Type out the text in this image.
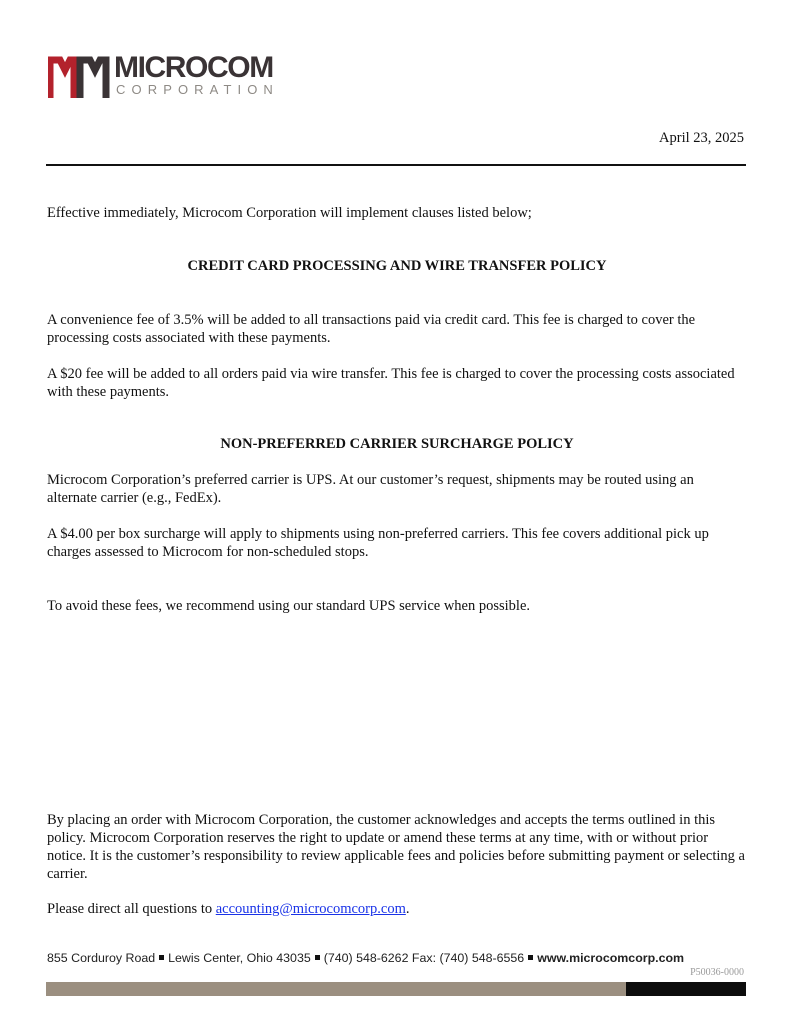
MICROCOM
CORPORATION
April 23, 2025
Effective immediately, Microcom Corporation will implement clauses listed below;
CREDIT CARD PROCESSING AND WIRE TRANSFER POLICY
A convenience fee of 3.5% will be added to all transactions paid via credit card. This fee is charged to cover the processing costs associated with these payments.
A $20 fee will be added to all orders paid via wire transfer. This fee is charged to cover the processing costs associated with these payments.
NON-PREFERRED CARRIER SURCHARGE POLICY
Microcom Corporation’s preferred carrier is UPS. At our customer’s request, shipments may be routed using an alternate carrier (e.g., FedEx).
A $4.00 per box surcharge will apply to shipments using non-preferred carriers. This fee covers additional pick up charges assessed to Microcom for non-scheduled stops.
To avoid these fees, we recommend using our standard UPS service when possible.
By placing an order with Microcom Corporation, the customer acknowledges and accepts the terms outlined in this policy. Microcom Corporation reserves the right to update or amend these terms at any time, with or without prior notice. It is the customer’s responsibility to review applicable fees and policies before submitting payment or selecting a carrier.
Please direct all questions to accounting@microcomcorp.com.
855 Corduroy Road Lewis Center, Ohio 43035 (740) 548-6262 Fax: (740) 548-6556 www.microcomcorp.com
P50036-0000
